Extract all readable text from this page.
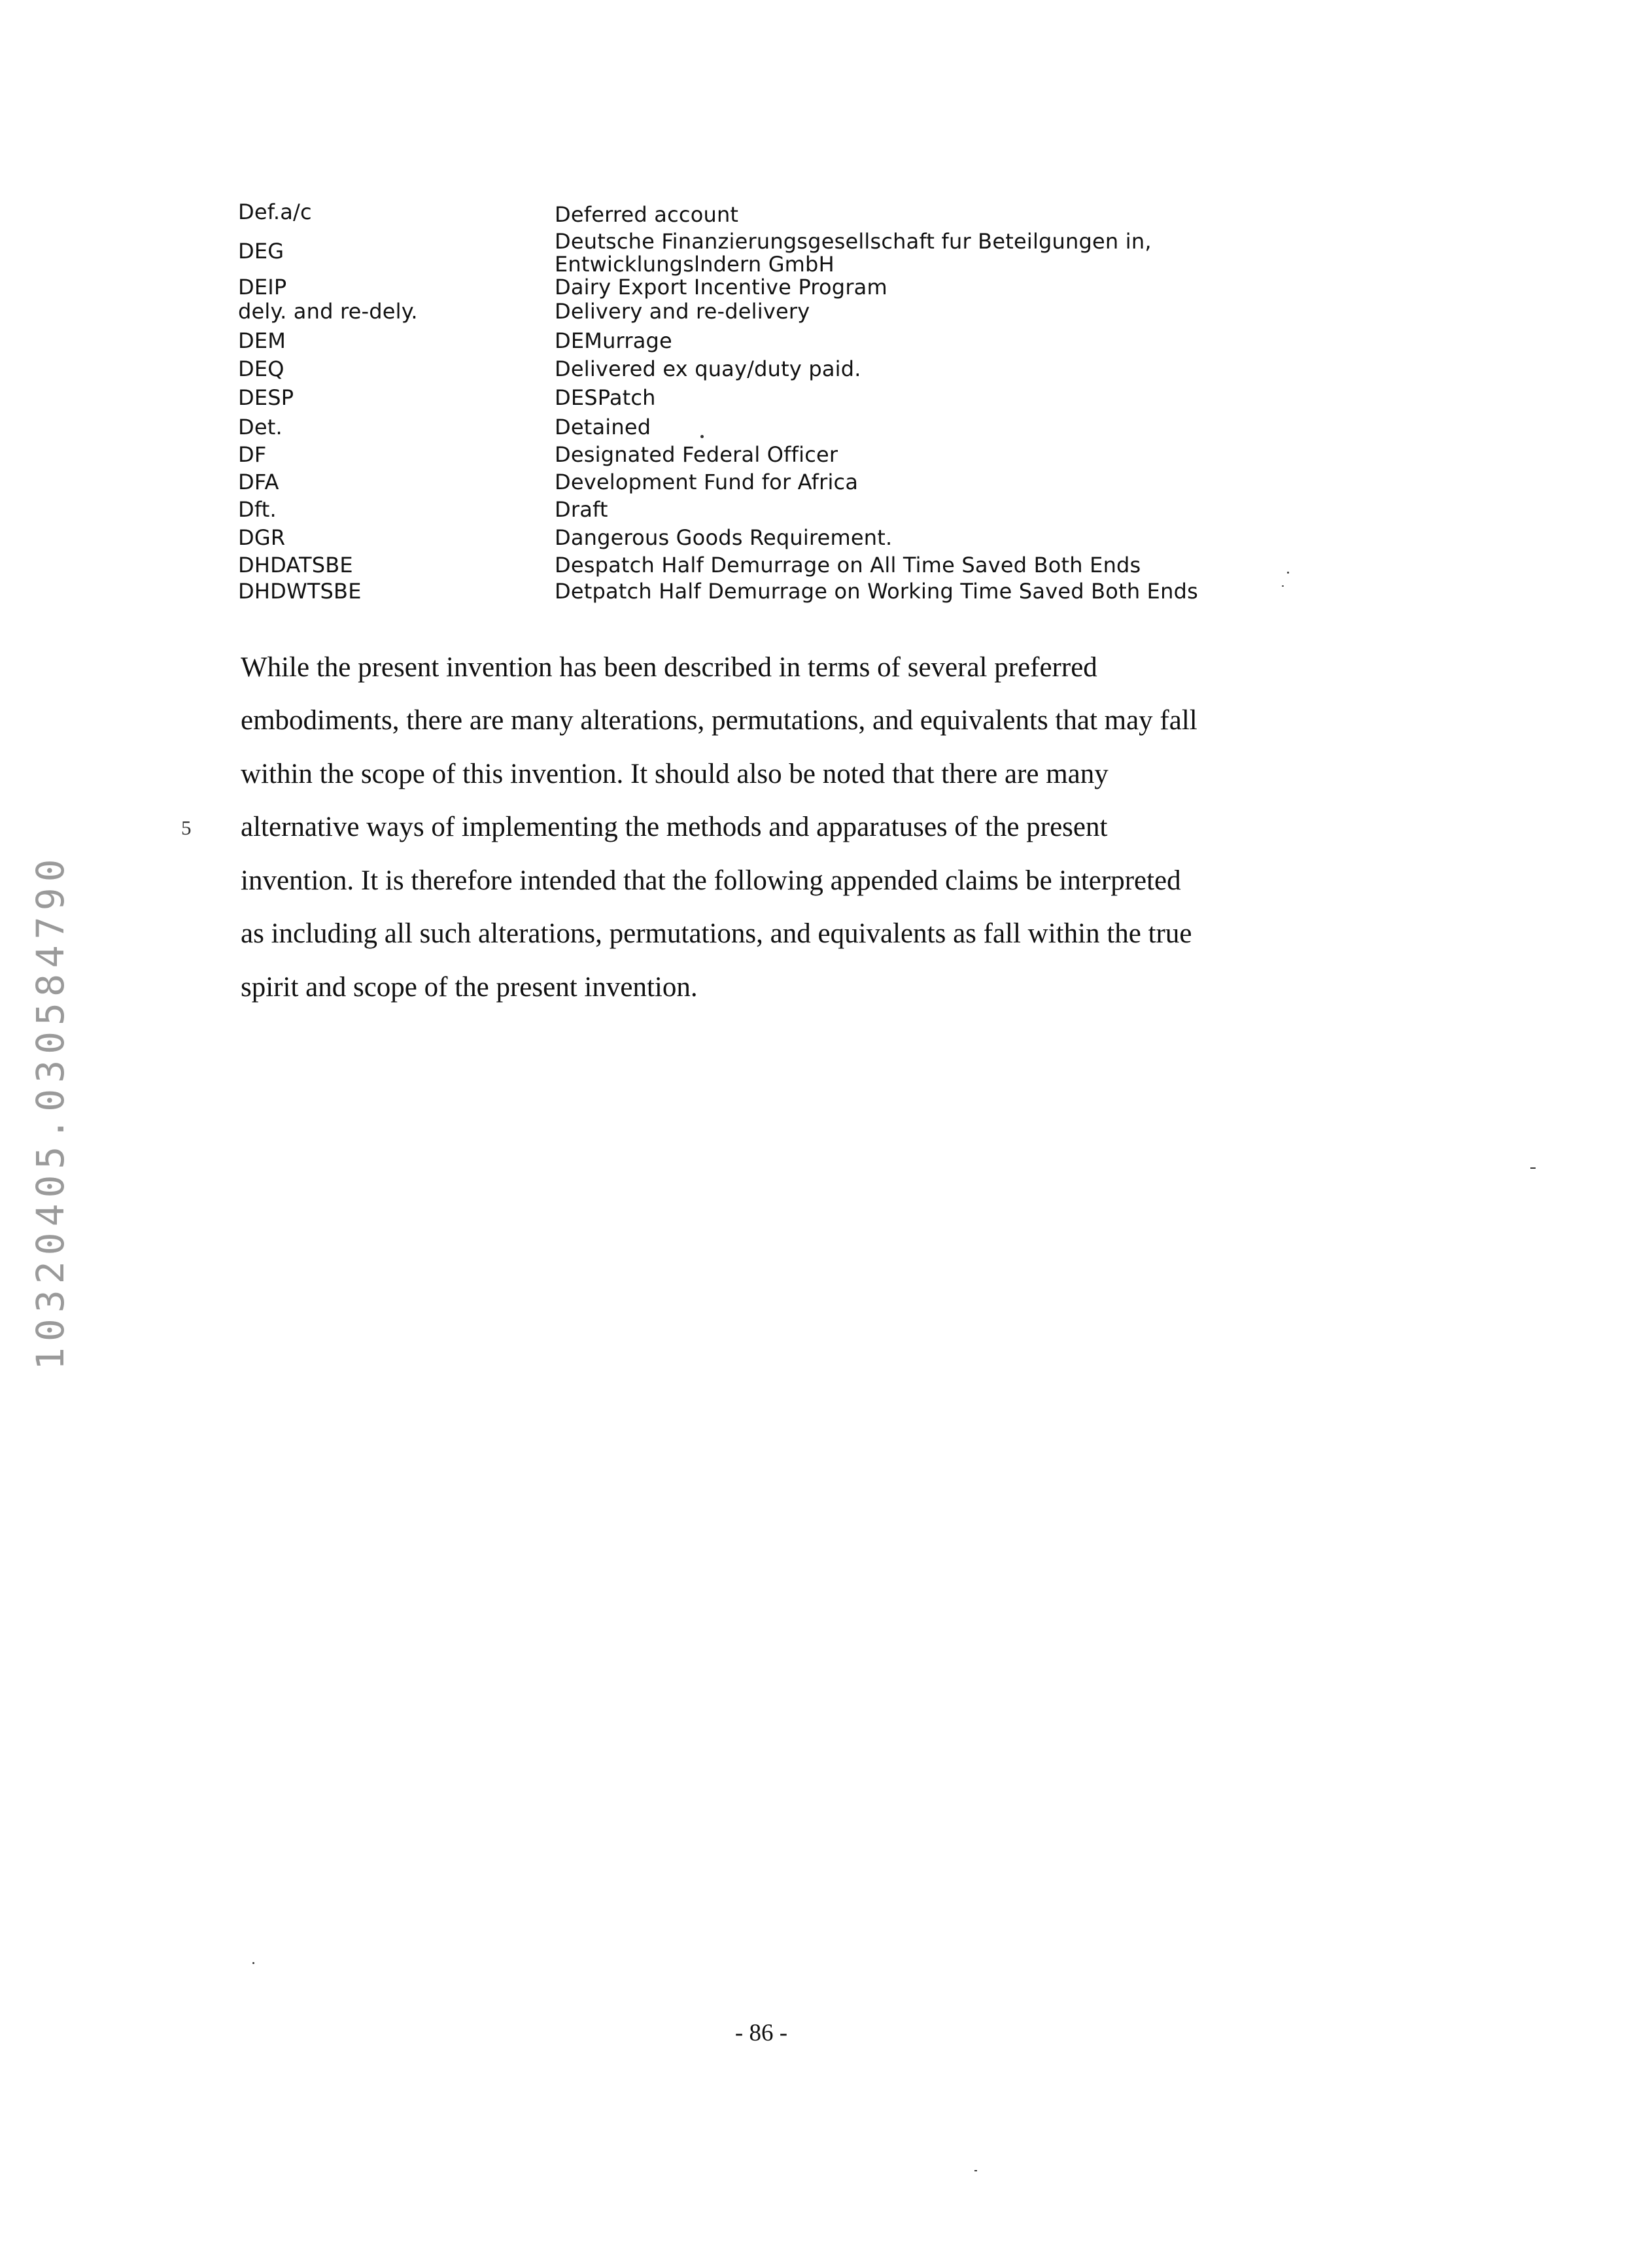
Def.a/c
DEG
DEIP
dely. and re-dely.
DEM
DEQ
DESP
Det.
DF
DFA
Dft.
DGR
DHDATSBE
DHDWTSBE
Deferred account
Deutsche Finanzierungsgesellschaft fur Beteilgungen in,
Entwicklungslndern GmbH
Dairy Export Incentive Program
Delivery and re-delivery
DEMurrage
Delivered ex quay/duty paid.
DESPatch
Detained
Designated Federal Officer
Development Fund for Africa
Draft
Dangerous Goods Requirement.
Despatch Half Demurrage on All Time Saved Both Ends
Detpatch Half Demurrage on Working Time Saved Both Ends
While the present invention has been described in terms of several preferred
embodiments, there are many alterations, permutations, and equivalents that may fall
within the scope of this invention. It should also be noted that there are many
alternative ways of implementing the methods and apparatuses of the present
invention. It is therefore intended that the following appended claims be interpreted
as including all such alterations, permutations, and equivalents as fall within the true
spirit and scope of the present invention.
5
10320405.030584790
- 86 -
